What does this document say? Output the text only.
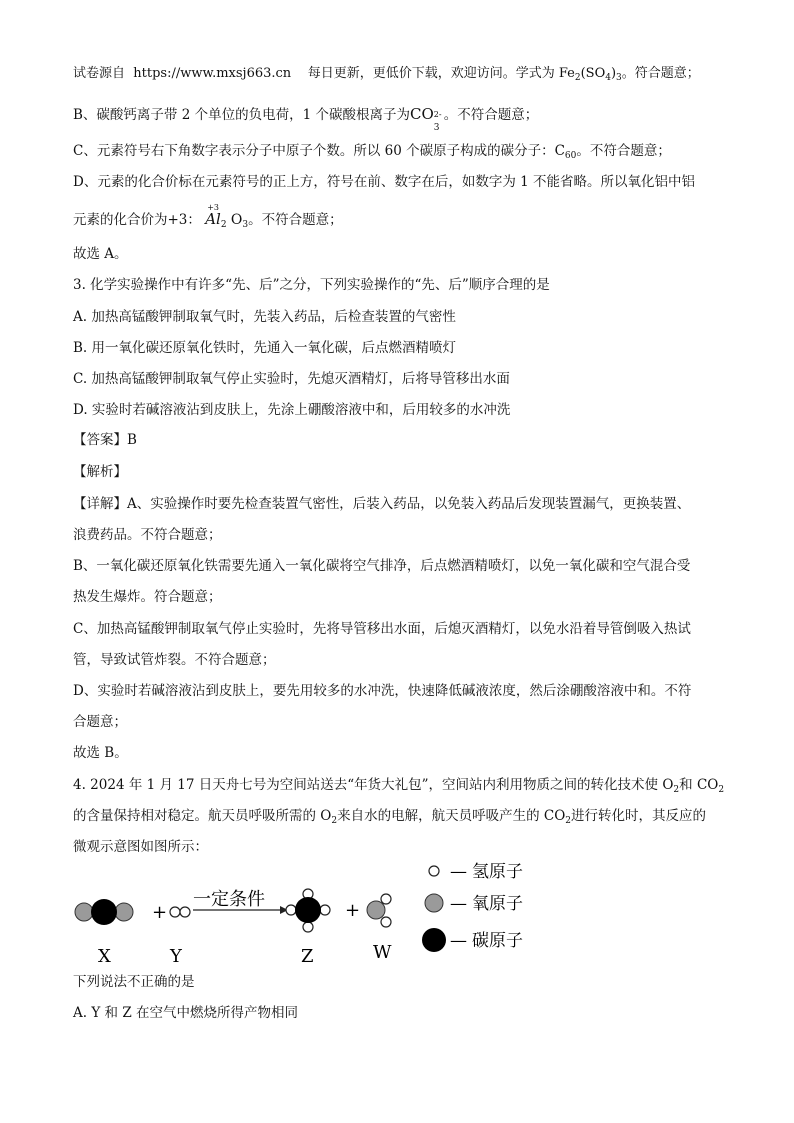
试卷源自 https://www.mxsj663.cn 每日更新，更低价下载，欢迎访问。学式为 $Fe_2(SO_4)_3$。符合题意；
B、碳酸钙离子带 2 个单位的负电荷，1 个碳酸根离子为CO 2-
3
。不符合题意；
C、元素符号右下角数字表示分子中原子个数。所以 60 个碳原子构成的碳分子：$C_{60}$。不符合题意；
D、元素的化合价标在元素符号的正上方，符号在前、数字在后，如数字为 1 不能省略。所以氧化铝中铝
元素的化合价为+3：
+3
$Al_2$ $O_3$。不符合题意；
故选 A。
3. 化学实验操作中有许多“先、后”之分，下列实验操作的“先、后”顺序合理的是
A. 加热高锰酸钾制取氧气时，先装入药品，后检查装置的气密性
B. 用一氧化碳还原氧化铁时，先通入一氧化碳，后点燃酒精喷灯
C. 加热高锰酸钾制取氧气停止实验时，先熄灭酒精灯，后将导管移出水面
D. 实验时若碱溶液沾到皮肤上，先涂上硼酸溶液中和，后用较多的水冲洗
【答案】B
【解析】
【详解】A、实验操作时要先检查装置气密性，后装入药品，以免装入药品后发现装置漏气，更换装置、
浪费药品。不符合题意；
B、一氧化碳还原氧化铁需要先通入一氧化碳将空气排净，后点燃酒精喷灯，以免一氧化碳和空气混合受
热发生爆炸。符合题意；
C、加热高锰酸钾制取氧气停止实验时，先将导管移出水面，后熄灭酒精灯，以免水沿着导管倒吸入热试
管，导致试管炸裂。不符合题意；
D、实验时若碱溶液沾到皮肤上，要先用较多的水冲洗，快速降低碱液浓度，然后涂硼酸溶液中和。不符
合题意；
故选 B。
4. 2024 年 1 月 17 日天舟七号为空间站送去“年货大礼包”，空间站内利用物质之间的转化技术使 $O_2$和 $CO_2$
的含量保持相对稳定。航天员呼吸所需的 $O_2$来自水的电解，航天员呼吸产生的 $CO_2$进行转化时，其反应的
微观示意图如图所示：
+
一定条件
+
X	Y	Z	W
— 氢原子
— 氧原子
— 碳原子
下列说法不正确的是
A. Y 和 Z 在空气中燃烧所得产物相同
